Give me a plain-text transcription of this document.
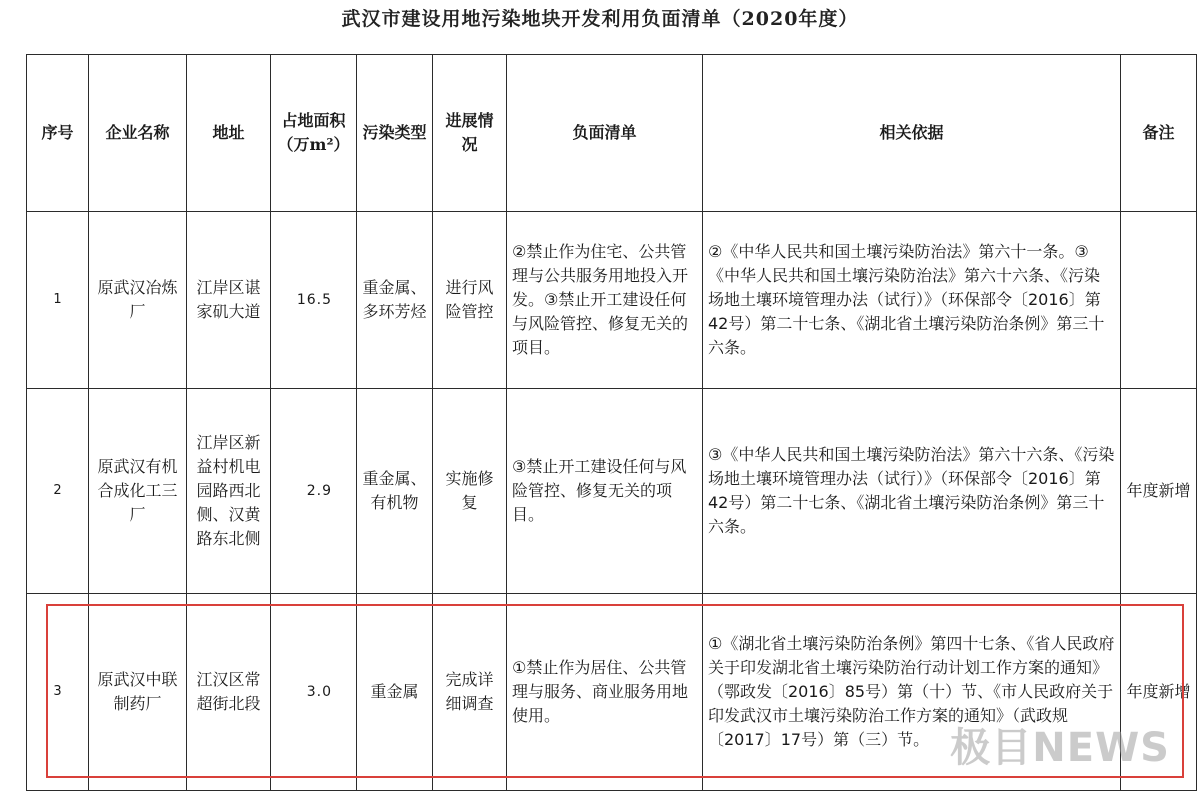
武汉市建设用地污染地块开发利用负面清单（2020年度）
序号	企业名称	地址	占地面积（万m²）	污染类型	进展情况	负面清单	相关依据	备注
1	原武汉冶炼厂	江岸区谌家矶大道	16.5	重金属、多环芳烃	进行风险管控	②禁止作为住宅、公共管理与公共服务用地投入开发。③禁止开工建设任何与风险管控、修复无关的项目。	②《中华人民共和国土壤污染防治法》第六十一条。③《中华人民共和国土壤污染防治法》第六十六条、《污染场地土壤环境管理办法（试行）》（环保部令〔2016〕第42号）第二十七条、《湖北省土壤污染防治条例》第三十六条。	
2	原武汉有机合成化工三厂	江岸区新益村机电园路西北侧、汉黄路东北侧	2.9	重金属、有机物	实施修复	③禁止开工建设任何与风险管控、修复无关的项目。	③《中华人民共和国土壤污染防治法》第六十六条、《污染场地土壤环境管理办法（试行）》（环保部令〔2016〕第42号）第二十七条、《湖北省土壤污染防治条例》第三十六条。	年度新增
3	原武汉中联制药厂	江汉区常超街北段	3.0	重金属	完成详细调查	①禁止作为居住、公共管理与服务、商业服务用地使用。	①《湖北省土壤污染防治条例》第四十七条、《省人民政府关于印发湖北省土壤污染防治行动计划工作方案的通知》（鄂政发〔2016〕85号）第（十）节、《市人民政府关于印发武汉市土壤污染防治工作方案的通知》（武政规〔2017〕17号）第（三）节。	年度新增
极目NEWS
